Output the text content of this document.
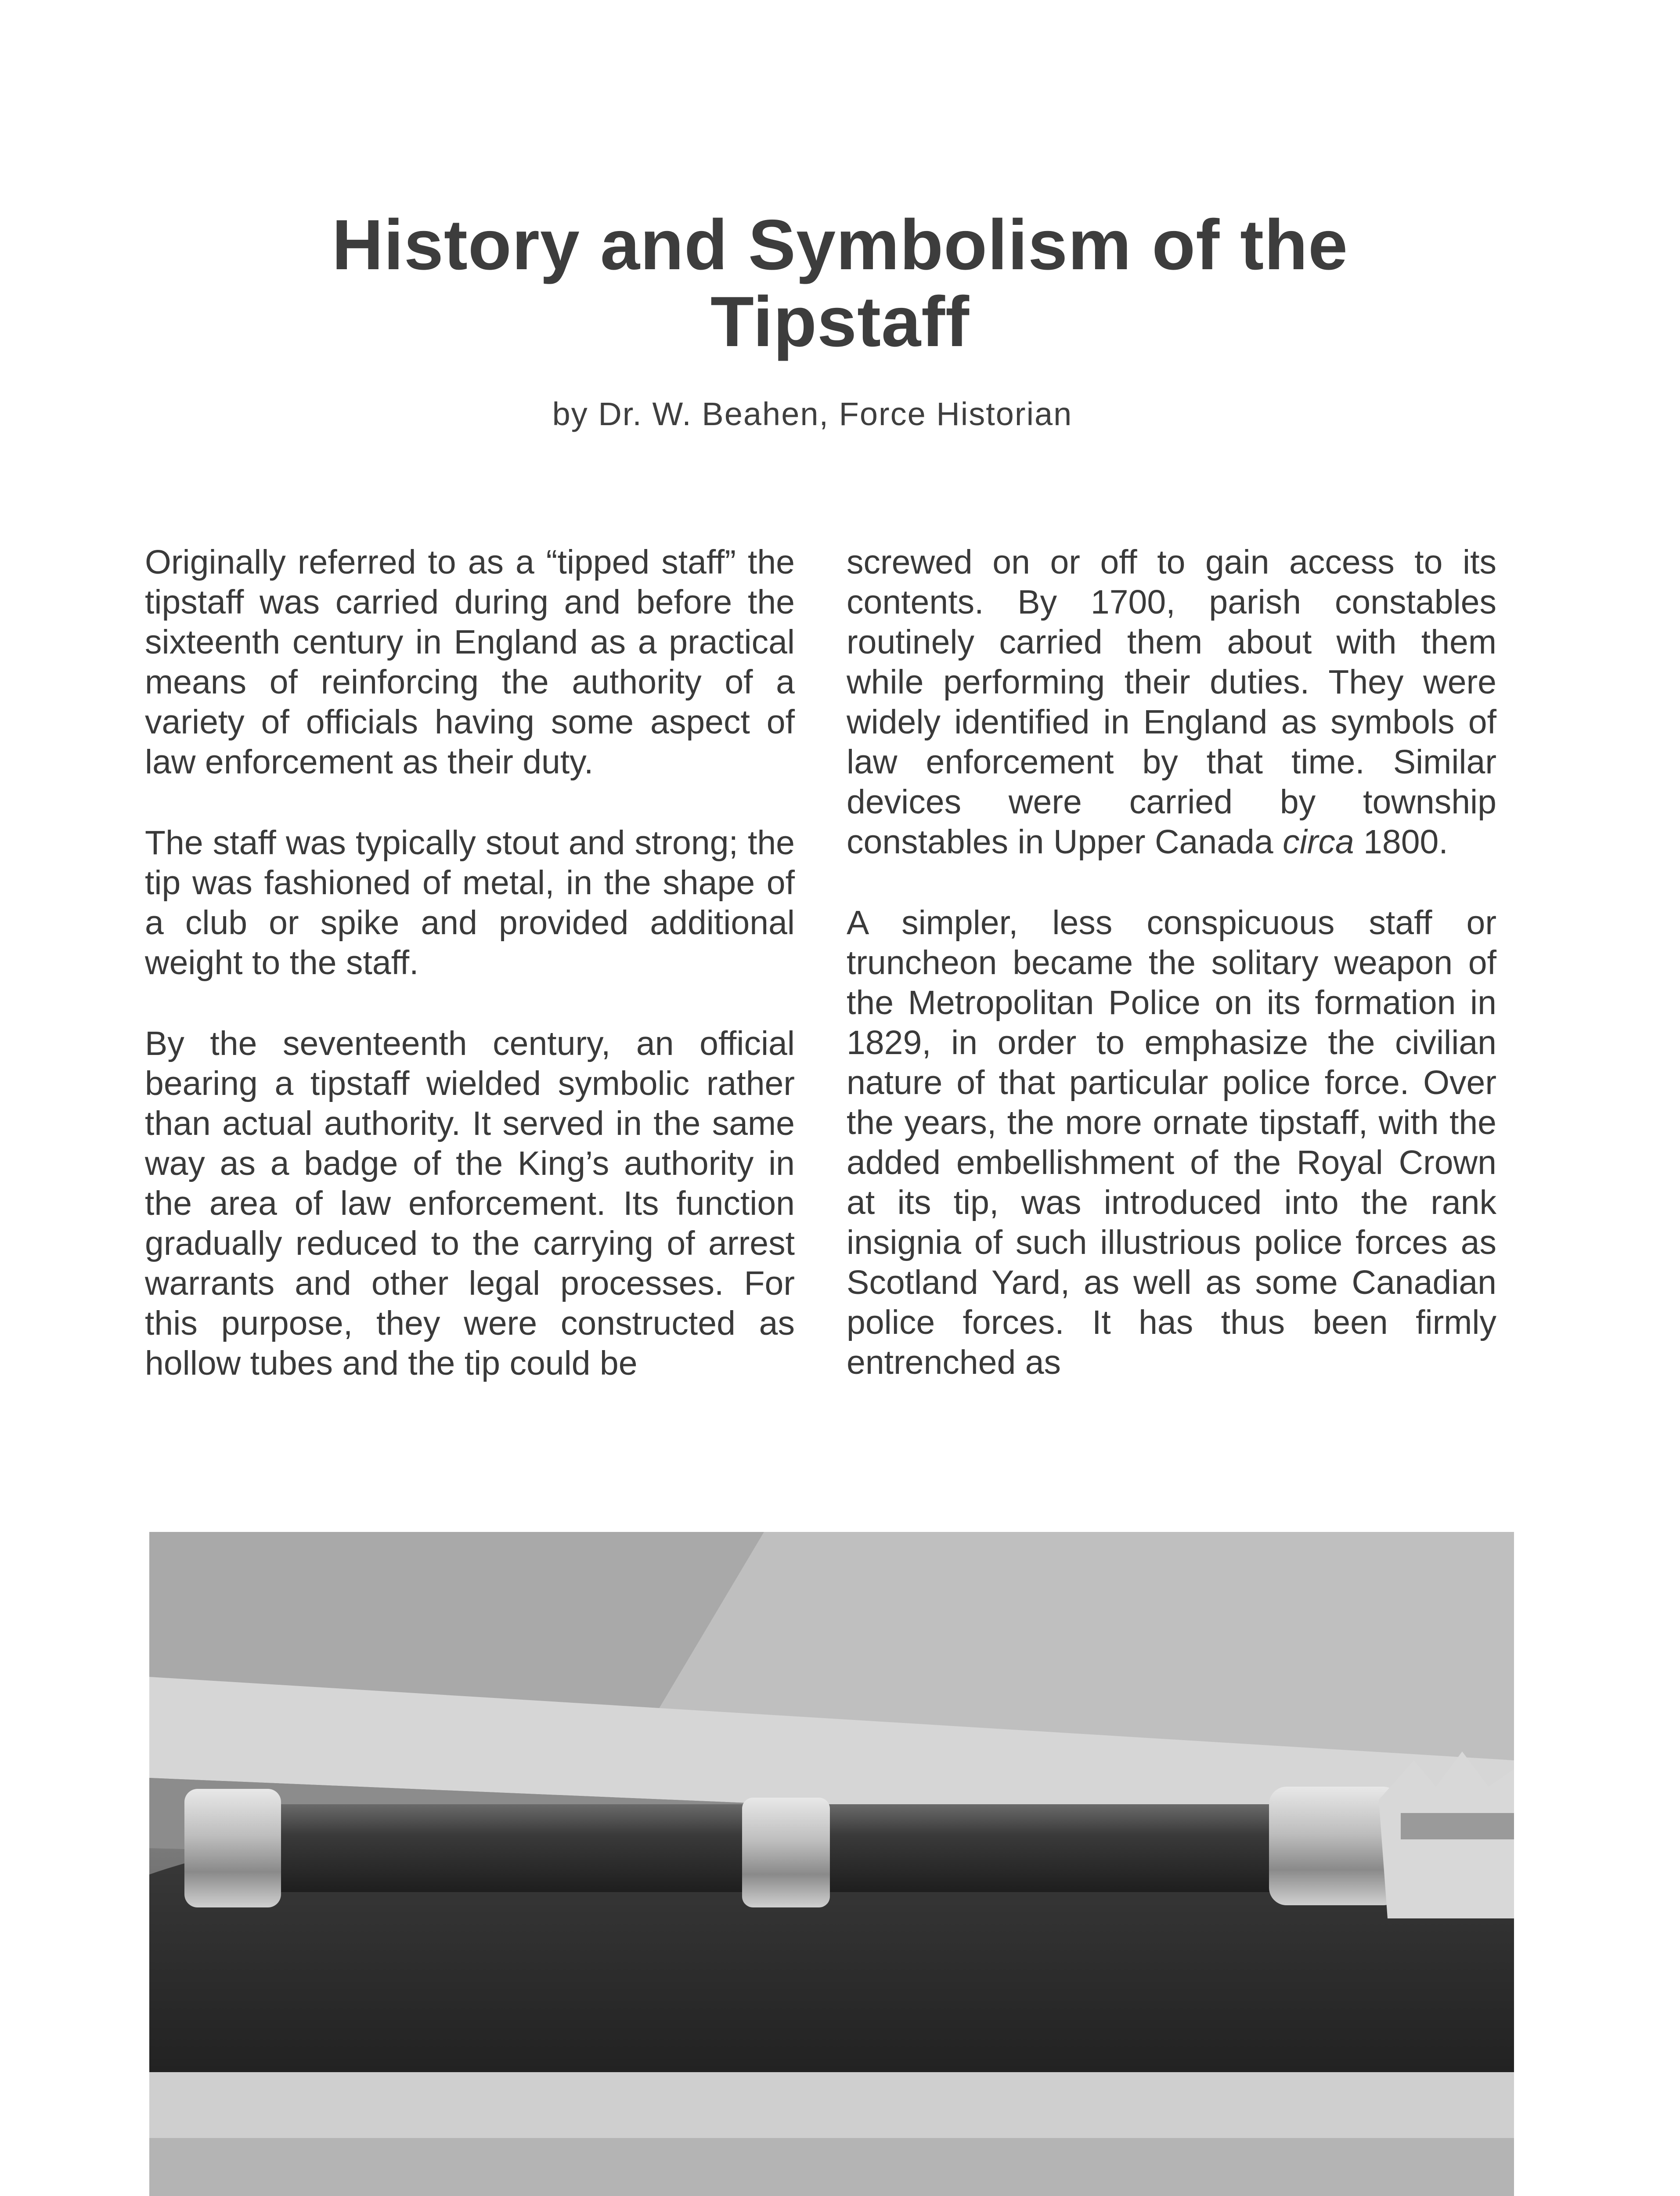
History and Symbolism of the
Tipstaff
by Dr. W. Beahen, Force Historian

Originally referred to as a “tipped staff” the tipstaff was carried during and before the sixteenth century in England as a practical means of reinforcing the authority of a variety of officials having some aspect of law enforcement as their duty.

The staff was typically stout and strong; the tip was fashioned of metal, in the shape of a club or spike and provided additional weight to the staff.

By the seventeenth century, an official bearing a tipstaff wielded symbolic rather than actual authority. It served in the same way as a badge of the King’s authority in the area of law enforcement. Its function gradually reduced to the carrying of arrest warrants and other legal processes. For this purpose, they were constructed as hollow tubes and the tip could be

screwed on or off to gain access to its contents. By 1700, parish constables routinely carried them about with them while performing their duties. They were widely identified in England as symbols of law enforcement by that time. Similar devices were carried by township constables in Upper Canada circa 1800.

A simpler, less conspicuous staff or truncheon became the solitary weapon of the Metropolitan Police on its formation in 1829, in order to emphasize the civilian nature of that particular police force. Over the years, the more ornate tipstaff, with the added embellishment of the Royal Crown at its tip, was introduced into the rank insignia of such illustrious police forces as Scotland Yard, as well as some Canadian police forces. It has thus been firmly entrenched as
